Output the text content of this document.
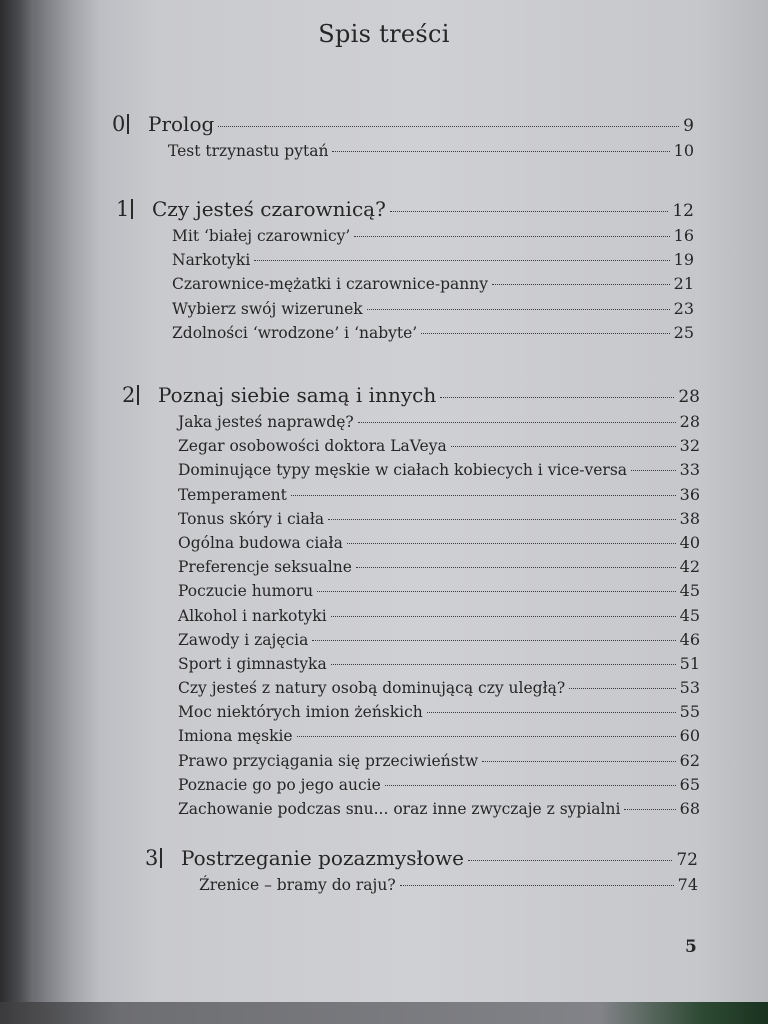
Spis treści
0	Prolog	9
Test trzynastu pytań	10
1	Czy jesteś czarownicą?	12
Mit ‘białej czarownicy’	16
Narkotyki	19
Czarownice-mężatki i czarownice-panny	21
Wybierz swój wizerunek	23
Zdolności ‘wrodzone’ i ‘nabyte’	25
2	Poznaj siebie samą i innych	28
Jaka jesteś naprawdę?	28
Zegar osobowości doktora LaVeya	32
Dominujące typy męskie w ciałach kobiecych i vice-versa	33
Temperament	36
Tonus skóry i ciała	38
Ogólna budowa ciała	40
Preferencje seksualne	42
Poczucie humoru	45
Alkohol i narkotyki	45
Zawody i zajęcia	46
Sport i gimnastyka	51
Czy jesteś z natury osobą dominującą czy uległą?	53
Moc niektórych imion żeńskich	55
Imiona męskie	60
Prawo przyciągania się przeciwieństw	62
Poznacie go po jego aucie	65
Zachowanie podczas snu... oraz inne zwyczaje z sypialni	68
3	Postrzeganie pozazmysłowe	72
Źrenice – bramy do raju?	74
5
